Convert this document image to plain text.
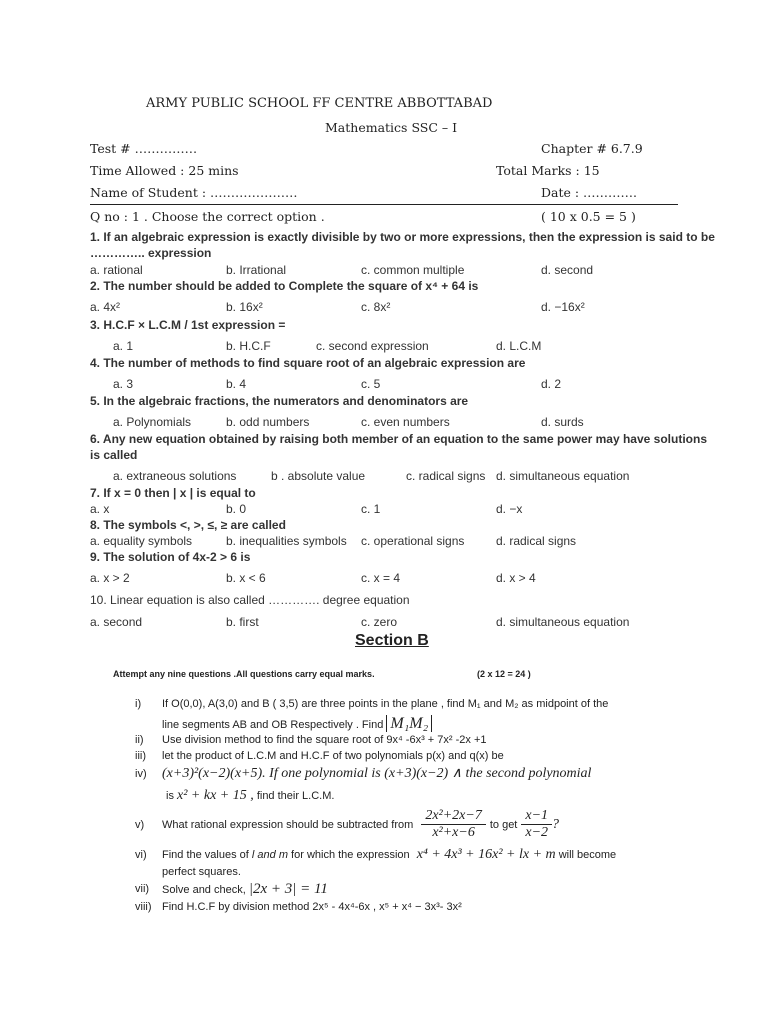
ARMY PUBLIC SCHOOL FF CENTRE ABBOTTABAD
Mathematics SSC – I
Test # ……………	Chapter # 6.7.9
Time Allowed : 25 mins	Total Marks : 15
Name of Student : …………………	Date : ………….
Q no : 1 . Choose the correct option .	( 10 x 0.5 = 5 )
1. If an algebraic expression is exactly divisible by two or more expressions, then the expression is said to be
………….. expression
a. rational	b. Irrational	c. common multiple	d. second
2. The number should be added to Complete the square of x⁴ + 64 is
a. 4x²	b. 16x²	c. 8x²	d. −16x²
3. H.C.F × L.C.M / 1st expression =
a. 1	b. H.C.F	c. second expression	d. L.C.M
4. The number of methods to find square root of an algebraic expression are
a. 3	b. 4	c. 5	d. 2
5. In the algebraic fractions, the numerators and denominators are
a. Polynomials	b. odd numbers	c. even numbers	d. surds
6. Any new equation obtained by raising both member of an equation to the same power may have solutions
is called
a. extraneous solutions	b . absolute value	c. radical signs d. simultaneous equation
7. If x = 0 then | x | is equal to
a. x	b. 0	c. 1	d. −x
8. The symbols <, >, ≤, ≥ are called
a. equality symbols	b. inequalities symbols c. operational signs	d. radical signs
9. The solution of 4x-2 > 6 is
a. x > 2	b. x < 6	c. x = 4	d. x > 4
10. Linear equation is also called …………. degree equation
a. second	b. first	c. zero	d. simultaneous equation
Section B
Attempt any nine questions .All questions carry equal marks.	(2 x 12 = 24 )
i) If O(0,0), A(3,0) and B ( 3,5) are three points in the plane , find M₁ and M₂ as midpoint of the
line segments AB and OB Respectively . Find M₁M₂
ii) Use division method to find the square root of 9x⁴ -6x³ + 7x² -2x +1
iii) let the product of L.C.M and H.C.F of two polynomials p(x) and q(x) be
iv) (x+3)²(x−2)(x+5). If one polynomial is (x+3)(x−2) ∧ the second polynomial
is x² + kx + 15 , find their L.C.M.
v) What rational expression should be subtracted from $\frac{\text{2x²+2x−7}}{\text{x²+x−6}}$ to get $\frac{x-1}{x-2}$ ?
vi) Find the values of l and m for which the expression x⁴ + 4x³ + 16x² + lx + m will become
perfect squares.
vii) Solve and check, |2x + 3| = 11
viii) Find H.C.F by division method 2x⁵ - 4x⁴-6x , x⁵ + x⁴ − 3x³- 3x²
